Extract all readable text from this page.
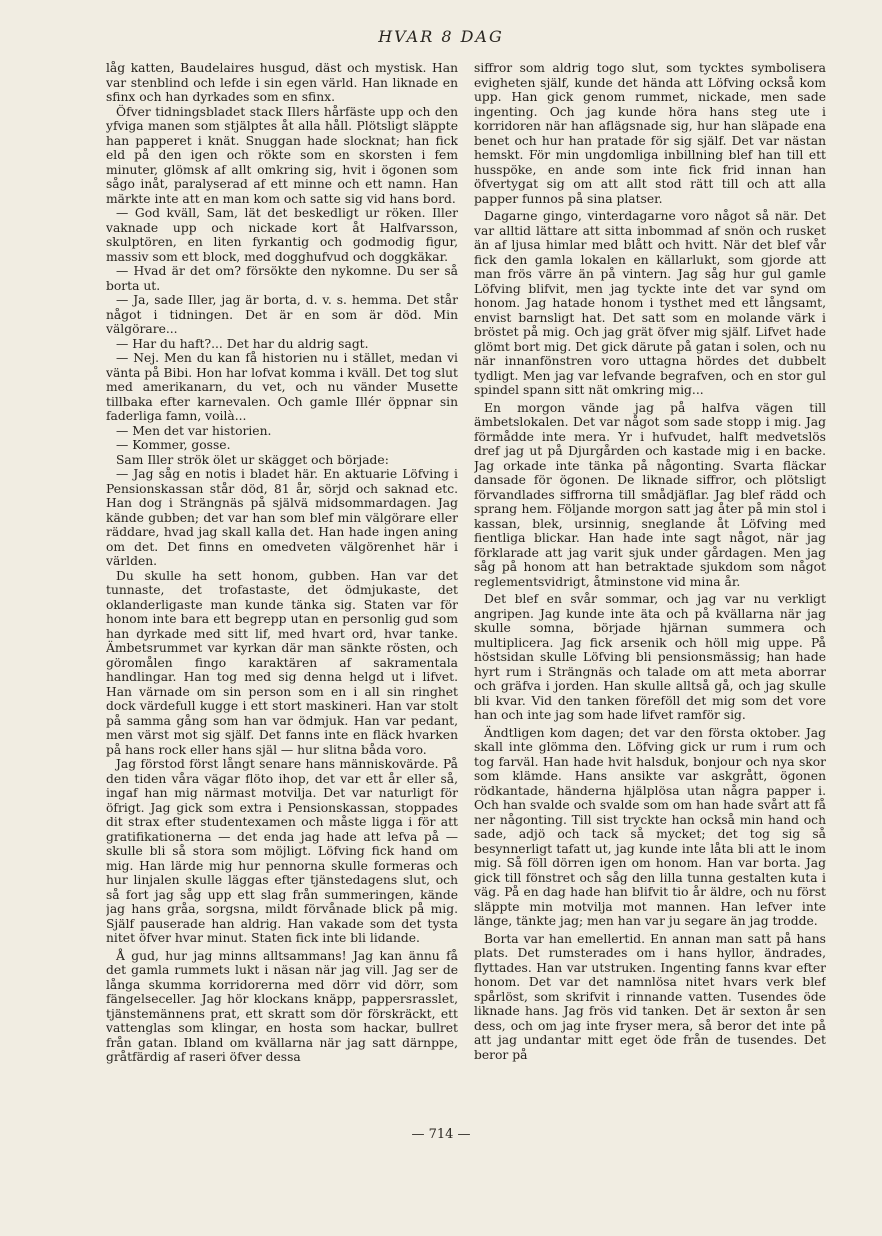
HVAR 8 DAG

låg katten, Baudelaires husgud, däst och mystisk. Han var stenblind och lefde i sin egen värld. Han liknade en sfinx och han dyrkades som en sfinx.

Öfver tidningsbladet stack Illers hårfäste upp och den yfviga manen som stjälptes åt alla håll. Plötsligt släppte han papperet i knät. Snuggan hade slocknat; han fick eld på den igen och rökte som en skorsten i fem minuter, glömsk af allt omkring sig, hvit i ögonen som sågo inåt, paralyserad af ett minne och ett namn. Han märkte inte att en man kom och satte sig vid hans bord.

— God kväll, Sam, lät det beskedligt ur röken. Iller vaknade upp och nickade kort åt Halfvarsson, skulptören, en liten fyrkantig och godmodig figur, massiv som ett block, med dogghufvud och doggkäkar.

— Hvad är det om? försökte den nykomne. Du ser så borta ut.

— Ja, sade Iller, jag är borta, d. v. s. hemma. Det står något i tidningen. Det är en som är död. Min välgörare...

— Har du haft?... Det har du aldrig sagt.

— Nej. Men du kan få historien nu i stället, medan vi vänta på Bibi. Hon har lofvat komma i kväll. Det tog slut med amerikanarn, du vet, och nu vänder Musette tillbaka efter karnevalen. Och gamle Illér öppnar sin faderliga famn, voilà...

— Men det var historien.

— Kommer, gosse.

Sam Iller strök ölet ur skägget och började:

— Jag såg en notis i bladet här. En aktuarie Löfving i Pensionskassan står död, 81 år, sörjd och saknad etc. Han dog i Strängnäs på självä midsommardagen. Jag kände gubben; det var han som blef min välgörare eller räddare, hvad jag skall kalla det. Han hade ingen aning om det. Det finns en omedveten välgörenhet här i världen.

Du skulle ha sett honom, gubben. Han var det tunnaste, det trofastaste, det ödmjukaste, det oklanderligaste man kunde tänka sig. Staten var för honom inte bara ett begrepp utan en personlig gud som han dyrkade med sitt lif, med hvart ord, hvar tanke. Ämbetsrummet var kyrkan där man sänkte rösten, och göromålen fingo karaktären af sakramentala handlingar. Han tog med sig denna helgd ut i lifvet. Han värnade om sin person som en i all sin ringhet dock värdefull kugge i ett stort maskineri. Han var stolt på samma gång som han var ödmjuk. Han var pedant, men värst mot sig själf. Det fanns inte en fläck hvarken på hans rock eller hans själ — hur slitna båda voro.

Jag förstod först långt senare hans människovärde. På den tiden våra vägar flöto ihop, det var ett år eller så, ingaf han mig närmast motvilja. Det var naturligt för öfrigt. Jag gick som extra i Pensionskassan, stoppades dit strax efter studentexamen och måste ligga i för att gratifikationerna — det enda jag hade att lefva på — skulle bli så stora som möjligt. Löfving fick hand om mig. Han lärde mig hur pennorna skulle formeras och hur linjalen skulle läggas efter tjänstedagens slut, och så fort jag såg upp ett slag från summeringen, kände jag hans gråa, sorgsna, mildt förvånade blick på mig. Själf pauserade han aldrig. Han vakade som det tysta nitet öfver hvar minut. Staten fick inte bli lidande.

Å gud, hur jag minns alltsammans! Jag kan ännu få det gamla rummets lukt i näsan när jag vill. Jag ser de långa skumma korridorerna med dörr vid dörr, som fängelseceller. Jag hör klockans knäpp, pappersrasslet, tjänstemännens prat, ett skratt som dör förskräckt, ett vattenglas som klingar, en hosta som hackar, bullret från gatan. Ibland om kvällarna när jag satt därnppe, gråtfärdig af raseri öfver dessa

siffror som aldrig togo slut, som tycktes symbolisera evigheten själf, kunde det hända att Löfving också kom upp. Han gick genom rummet, nickade, men sade ingenting. Och jag kunde höra hans steg ute i korridoren när han aflägsnade sig, hur han släpade ena benet och hur han pratade för sig själf. Det var nästan hemskt. För min ungdomliga inbillning blef han till ett husspöke, en ande som inte fick frid innan han öfvertygat sig om att allt stod rätt till och att alla papper funnos på sina platser.

Dagarne gingo, vinterdagarne voro något så när. Det var alltid lättare att sitta inbommad af snön och rusket än af ljusa himlar med blått och hvitt. När det blef vår fick den gamla lokalen en källarlukt, som gjorde att man frös värre än på vintern. Jag såg hur gul gamle Löfving blifvit, men jag tyckte inte det var synd om honom. Jag hatade honom i tysthet med ett långsamt, envist barnsligt hat. Det satt som en molande värk i bröstet på mig. Och jag grät öfver mig själf. Lifvet hade glömt bort mig. Det gick därute på gatan i solen, och nu när innanfönstren voro uttagna hördes det dubbelt tydligt. Men jag var lefvande begrafven, och en stor gul spindel spann sitt nät omkring mig...

En morgon vände jag på halfva vägen till ämbetslokalen. Det var något som sade stopp i mig. Jag förmådde inte mera. Yr i hufvudet, halft medvetslös dref jag ut på Djurgården och kastade mig i en backe. Jag orkade inte tänka på någonting. Svarta fläckar dansade för ögonen. De liknade siffror, och plötsligt förvandlades siffrorna till smådjäflar. Jag blef rädd och sprang hem. Följande morgon satt jag åter på min stol i kassan, blek, ursinnig, sneglande åt Löfving med fientliga blickar. Han hade inte sagt något, när jag förklarade att jag varit sjuk under gårdagen. Men jag såg på honom att han betraktade sjukdom som något reglementsvidrigt, åtminstone vid mina år.

Det blef en svår sommar, och jag var nu verkligt angripen. Jag kunde inte äta och på kvällarna när jag skulle somna, började hjärnan summera och multiplicera. Jag fick arsenik och höll mig uppe. På höstsidan skulle Löfving bli pensionsmässig; han hade hyrt rum i Strängnäs och talade om att meta aborrar och gräfva i jorden. Han skulle alltså gå, och jag skulle bli kvar. Vid den tanken föreföll det mig som det vore han och inte jag som hade lifvet ramför sig.

Ändtligen kom dagen; det var den första oktober. Jag skall inte glömma den. Löfving gick ur rum i rum och tog farväl. Han hade hvit halsduk, bonjour och nya skor som klämde. Hans ansikte var askgrått, ögonen rödkantade, händerna hjälplösa utan några papper i. Och han svalde och svalde som om han hade svårt att få ner någonting. Till sist tryckte han också min hand och sade, adjö och tack så mycket; det tog sig så besynnerligt tafatt ut, jag kunde inte låta bli att le inom mig. Så föll dörren igen om honom. Han var borta. Jag gick till fönstret och såg den lilla tunna gestalten kuta i väg. På en dag hade han blifvit tio år äldre, och nu först släppte min motvilja mot mannen. Han lefver inte länge, tänkte jag; men han var ju segare än jag trodde.

Borta var han emellertid. En annan man satt på hans plats. Det rumsterades om i hans hyllor, ändrades, flyttades. Han var utstruken. Ingenting fanns kvar efter honom. Det var det namnlösa nitet hvars verk blef spårlöst, som skrifvit i rinnande vatten. Tusendes öde liknade hans. Jag frös vid tanken. Det är sexton år sen dess, och om jag inte fryser mera, så beror det inte på att jag undantar mitt eget öde från de tusendes. Det beror på

— 714 —
